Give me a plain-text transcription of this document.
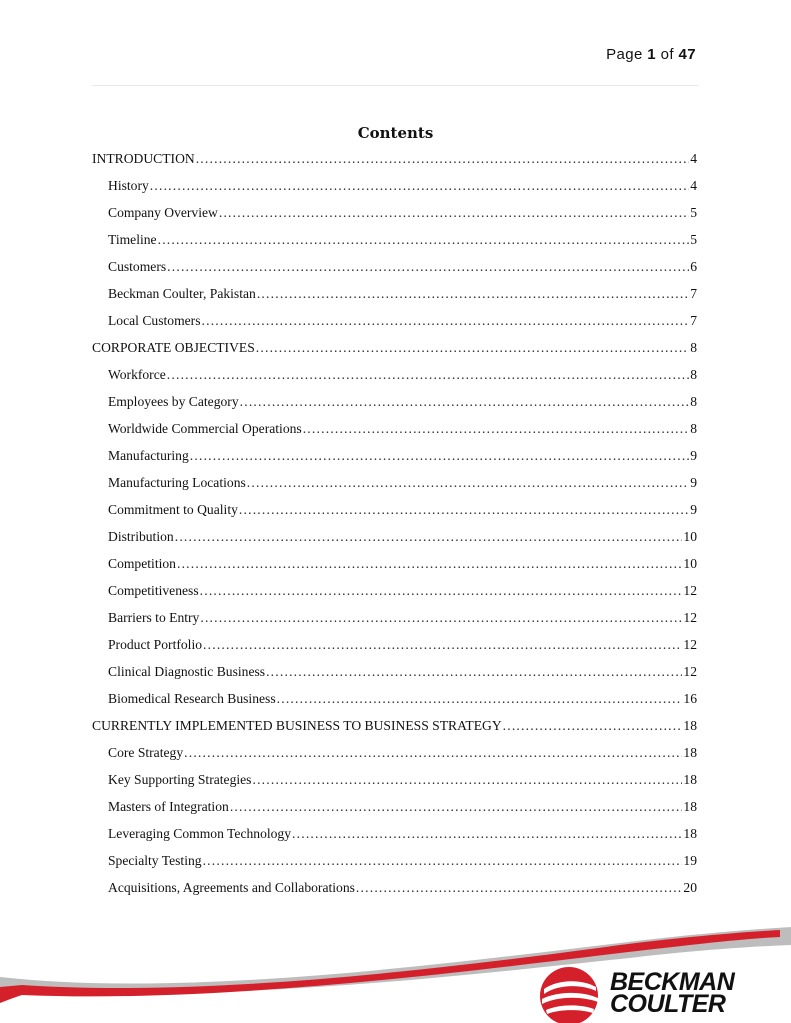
Page 1 of 47
Contents
INTRODUCTION .....	4
History .....	4
Company Overview .....	5
Timeline .....	5
Customers .....	6
Beckman Coulter, Pakistan .....	7
Local Customers .....	7
CORPORATE OBJECTIVES .....	8
Workforce .....	8
Employees by Category .....	8
Worldwide Commercial Operations .....	8
Manufacturing .....	9
Manufacturing Locations .....	9
Commitment to Quality .....	9
Distribution .....	10
Competition .....	10
Competitiveness .....	12
Barriers to Entry .....	12
Product Portfolio .....	12
Clinical Diagnostic Business .....	12
Biomedical Research Business .....	16
CURRENTLY IMPLEMENTED BUSINESS TO BUSINESS STRATEGY .....	18
Core Strategy .....	18
Key Supporting Strategies .....	18
Masters of Integration .....	18
Leveraging Common Technology .....	18
Specialty Testing .....	19
Acquisitions, Agreements and Collaborations .....	20
BECKMAN
COULTER
